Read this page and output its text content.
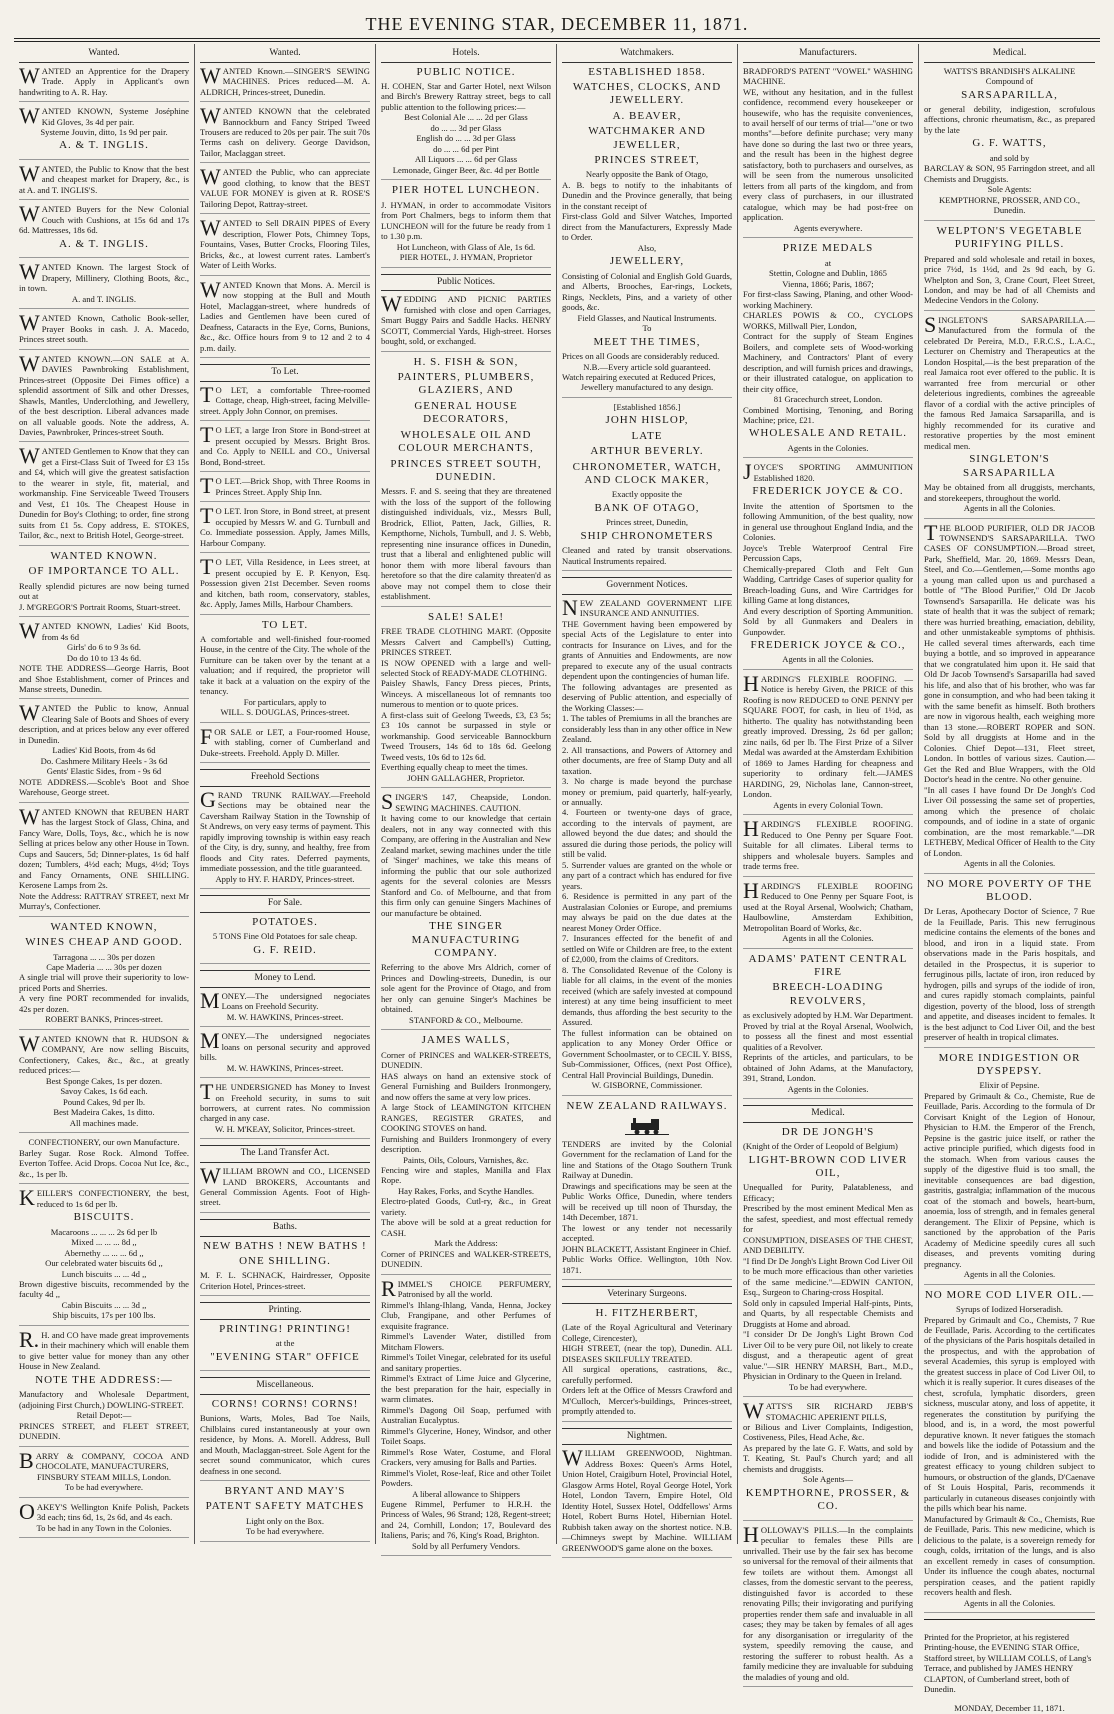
THE EVENING STAR, DECEMBER 11, 1871.
Wanted.

WANTED an Apprentice for the Drapery Trade. Apply in Applicant's own handwriting to A. R. Hay.

WANTED KNOWN, Systeme Joséphine Kid Gloves, 3s 4d per pair.

Systeme Jouvin, ditto, 1s 9d per pair.

A. & T. INGLIS.

WANTED, the Public to Know that the best and cheapest market for Drapery, &c., is at A. and T. INGLIS'S.

WANTED Buyers for the New Colonial Couch with Cushions, at 15s 6d and 17s 6d. Mattresses, 18s 6d.

A. & T. INGLIS.

WANTED Known. The largest Stock of Drapery, Millinery, Clothing Boots, &c., in town.

A. and T. INGLIS.

WANTED Known, Catholic Book-seller, Prayer Books in cash. J. A. Macedo, Princes street south.

WANTED KNOWN.—ON SALE at A. DAVIES Pawnbroking Establishment, Princes-street (Opposite Dei Fimes office) a splendid assortment of Silk and other Dresses, Shawls, Mantles, Underclothing, and Jewellery, of the best description. Liberal advances made on all valuable goods. Note the address, A. Davies, Pawnbroker, Princes-street South.

WANTED Gentlemen to Know that they can get a First-Class Suit of Tweed for £3 15s and £4, which will give the greatest satisfaction to the wearer in style, fit, material, and workmanship. Fine Serviceable Tweed Trousers and Vest, £1 10s. The Cheapest House in Dunedin for Boy's Clothing; to order, fine strong suits from £1 5s. Copy address, E. STOKES, Tailor, &c., next to British Hotel, George-street.

WANTED KNOWN.

OF IMPORTANCE TO ALL.

Really splendid pictures are now being turned out at

J. M'GREGOR'S Portrait Rooms, Stuart-street.

WANTED KNOWN, Ladies' Kid Boots, from 4s 6d

Girls' do 6 to 9 3s 6d.

Do do 10 to 13 4s 6d.

NOTE THE ADDRESS—George Harris, Boot and Shoe Establishment, corner of Princes and Manse streets, Dunedin.

WANTED the Public to know, Annual Clearing Sale of Boots and Shoes of every description, and at prices below any ever offered in Dunedin.

Ladies' Kid Boots, from 4s 6d

Do. Cashmere Military Heels - 3s 6d

Gents' Elastic Sides, from - 9s 6d

NOTE ADDRESS.—Scoble's Boot and Shoe Warehouse, George street.

WANTED KNOWN that REUBEN HART has the largest Stock of Glass, China, and Fancy Ware, Dolls, Toys, &c., which he is now Selling at prices below any other House in Town. Cups and Saucers, 5d; Dinner-plates, 1s 6d half dozen; Tumblers, 4½d each; Mugs, 4½d; Toys and Fancy Ornaments, ONE SHILLING. Kerosene Lamps from 2s.

Note the Address: RATTRAY STREET, next Mr Murray's, Confectioner.

WANTED KNOWN,

WINES CHEAP AND GOOD.

Tarragona ... ... 30s per dozen

Cape Maderia ... ... 30s per dozen

A single trial will prove their superiority to low-priced Ports and Sherries.

A very fine PORT recommended for invalids, 42s per dozen.

ROBERT BANKS, Princes-street.

WANTED KNOWN that R. HUDSON & COMPANY, Are now selling Biscuits, Confectionery, Cakes, &c., &c., at greatly reduced prices:—

Best Sponge Cakes, 1s per dozen.

Savoy Cakes, 1s 6d each.

Pound Cakes, 9d per lb.

Best Madeira Cakes, 1s ditto.

All machines made.

CONFECTIONERY, our own Manufacture.

Barley Sugar. Rose Rock. Almond Toffee. Everton Toffee. Acid Drops. Cocoa Nut Ice, &c., &c., 1s per lb.

KEILLER'S CONFECTIONERY, the best, reduced to 1s 6d per lb.

BISCUITS.

Macaroons ... ... ... 2s 6d per lb

Mixed ... ... ... 8d ,,

Abernethy ... ... ... 6d ,,

Our celebrated water biscuits 6d ,,

Lunch biscuits ... ... 4d ,,

Brown digestive biscuits, recommended by the faculty 4d ,,

Cabin Biscuits ... ... 3d ,,

Ship biscuits, 17s per 100 lbs.

R.H. and CO have made great improvements in their machinery which will enable them to give better value for money than any other House in New Zealand.

NOTE THE ADDRESS:—

Manufactory and Wholesale Department, (adjoining First Church,) DOWLING-STREET.

Retail Depot:—

PRINCES STREET, and FLEET STREET, DUNEDIN.

BARRY & COMPANY, COCOA AND CHOCOLATE, MANUFACTURERS,

FINSBURY STEAM MILLS, London.

To be had everywhere.

OAKEY'S Wellington Knife Polish, Packets 3d each; tins 6d, 1s, 2s 6d, and 4s each.

To be had in any Town in the Colonies.

Wanted.

WANTED Known.—SINGER'S SEWING MACHINES. Prices reduced—M. A. ALDRICH, Princes-street, Dunedin.

WANTED KNOWN that the celebrated Bannockburn and Fancy Striped Tweed Trousers are reduced to 20s per pair. The suit 70s Terms cash on delivery. George Davidson, Tailor, Maclaggan street.

WANTED the Public, who can appreciate good clothing, to know that the BEST VALUE FOR MONEY is given at R. ROSE'S Tailoring Depot, Rattray-street.

WANTED to Sell DRAIN PIPES of Every description, Flower Pots, Chimney Tops, Fountains, Vases, Butter Crocks, Flooring Tiles, Bricks, &c., at lowest current rates. Lambert's Water of Leith Works.

WANTED Known that Mons. A. Mercil is now stopping at the Bull and Mouth Hotel, Maclaggan-street, where hundreds of Ladies and Gentlemen have been cured of Deafness, Cataracts in the Eye, Corns, Bunions, &c., &c. Office hours from 9 to 12 and 2 to 4 p.m. daily.

To Let.

TO LET, a comfortable Three-roomed Cottage, cheap, High-street, facing Melville-street. Apply John Connor, on premises.

TO LET, a large Iron Store in Bond-street at present occupied by Messrs. Bright Bros. and Co. Apply to NEILL and CO., Universal Bond, Bond-street.

TO LET.—Brick Shop, with Three Rooms in Princes Street. Apply Ship Inn.

TO LET. Iron Store, in Bond street, at present occupied by Messrs W. and G. Turnbull and Co. Immediate possession. Apply, James Mills, Harbour Company.

TO LET, Villa Residence, in Lees street, at present occupied by E. P. Kenyon, Esq. Possession given 21st December. Seven rooms and kitchen, bath room, conservatory, stables, &c. Apply, James Mills, Harbour Chambers.

TO LET.

A comfortable and well-finished four-roomed House, in the centre of the City. The whole of the Furniture can be taken over by the tenant at a valuation; and if required, the proprietor will take it back at a valuation on the expiry of the tenancy.

For particulars, apply to

WILL. S. DOUGLAS, Princes-street.

FOR SALE or LET, a Four-roomed House, with stabling, corner of Cumberland and Duke-streets. Freehold. Apply D. Miller.

Freehold Sections

GRAND TRUNK RAILWAY.—Freehold Sections may be obtained near the Caversham Railway Station in the Township of St Andrews, on very easy terms of payment. This rapidly improving township is within easy reach of the City, is dry, sunny, and healthy, free from floods and City rates. Deferred payments, immediate possession, and the title guaranteed.

Apply to HY. F. HARDY, Princes-street.

For Sale.

POTATOES.

5 TONS Fine Old Potatoes for sale cheap.

G. F. REID.

Money to Lend.

MONEY.—The undersigned negociates Loans on Freehold Security.

M. W. HAWKINS, Princes-street.

MONEY.—The undersigned negociates loans on personal security and approved bills.

M. W. HAWKINS, Princes-street.

THE UNDERSIGNED has Money to Invest on Freehold security, in sums to suit borrowers, at current rates. No commission charged in any case.

W. H. M'KEAY, Solicitor, Princes-street.

The Land Transfer Act.

WILLIAM BROWN and CO., LICENSED LAND BROKERS, Accountants and General Commission Agents. Foot of High-street.

Baths.

NEW BATHS ! NEW BATHS !

ONE SHILLING.

M. F. L. SCHNACK, Hairdresser, Opposite Criterion Hotel, Princes-street.

Printing.

PRINTING! PRINTING!

at the

"EVENING STAR" OFFICE

Miscellaneous.

CORNS! CORNS! CORNS!

Bunions, Warts, Moles, Bad Toe Nails, Chilblains cured instantaneously at your own residence, by Mons. A. Morell. Address, Bull and Mouth, Maclaggan-street. Sole Agent for the secret sound communicator, which cures deafness in one second.

BRYANT AND MAY'S

PATENT SAFETY MATCHES

Light only on the Box.

To be had everywhere.

Hotels.

PUBLIC NOTICE.

H. COHEN, Star and Garter Hotel, next Wilson and Birch's Brewery Rattray street, begs to call public attention to the following prices:—

Best Colonial Ale ... ... 2d per Glass

do ... ... 3d per Glass

English do ... ... 3d per Glass

do ... ... 6d per Pint

All Liquors ... ... 6d per Glass

Lemonade, Ginger Beer, &c. 4d per Bottle

PIER HOTEL LUNCHEON.

J. HYMAN, in order to accommodate Visitors from Port Chalmers, begs to inform them that LUNCHEON will for the future be ready from 1 to 1.30 p.m.

Hot Luncheon, with Glass of Ale, 1s 6d.

PIER HOTEL, J. HYMAN, Proprietor

Public Notices.

WEDDING AND PICNIC PARTIES furnished with close and open Carriages, Smart Buggy Pairs and Saddle Hacks. HENRY SCOTT, Commercial Yards, High-street. Horses bought, sold, or exchanged.

H. S. FISH & SON,

PAINTERS, PLUMBERS, GLAZIERS, AND

GENERAL HOUSE DECORATORS,

WHOLESALE OIL AND COLOUR MERCHANTS,

PRINCES STREET SOUTH, DUNEDIN.

Messrs. F. and S. seeing that they are threatened with the loss of the support of the following distinguished individuals, viz., Messrs Bull, Brodrick, Elliot, Patten, Jack, Gillies, R. Kempthorne, Nichols, Turnbull, and J. S. Webb, representing nine insurance offices in Dunedin, trust that a liberal and enlightened public will honor them with more liberal favours than heretofore so that the dire calamity threaten'd as above may not compel them to close their establishment.

SALE! SALE!

FREE TRADE CLOTHING MART. (Opposite Messrs Calvert and Campbell's) Cutting, PRINCES STREET.

IS NOW OPENED with a large and well-selected Stock of READY-MADE CLOTHING.

Paisley Shawls, Fancy Dress pieces, Prints, Winceys. A miscellaneous lot of remnants too numerous to mention or to quote prices.

A first-class suit of Geelong Tweeds, £3, £3 5s; £3 10s cannot be surpassed in style or workmanship. Good serviceable Bannockburn Tweed Trousers, 14s 6d to 18s 6d. Geelong Tweed vests, 10s 6d to 12s 6d.

Everthing equally cheap to meet the times.

JOHN GALLAGHER, Proprietor.

SINGER'S 147, Cheapside, London. SEWING MACHINES. CAUTION.

It having come to our knowledge that certain dealers, not in any way connected with this Company, are offering in the Australian and New Zealand market, sewing machines under the title of 'Singer' machines, we take this means of informing the public that our sole authorized agents for the several colonies are Messrs Stanford and Co. of Melbourne, and that from this firm only can genuine Singers Machines of our manufacture be obtained.

THE SINGER MANUFACTURING COMPANY.

Referring to the above Mrs Aldrich, corner of Princes and Dowling-streets, Dunedin, is our sole agent for the Province of Otago, and from her only can genuine Singer's Machines be obtained.

STANFORD & CO., Melbourne.

JAMES WALLS,

Corner of PRINCES and WALKER-STREETS, DUNEDIN.

HAS always on hand an extensive stock of General Furnishing and Builders Ironmongery, and now offers the same at very low prices.

A large Stock of LEAMINGTON KITCHEN RANGES, REGISTER GRATES, and COOKING STOVES on hand.

Furnishing and Builders Ironmongery of every description.

Paints, Oils, Colours, Varnishes, &c.

Fencing wire and staples, Manilla and Flax Rope.

Hay Rakes, Forks, and Scythe Handles.

Electro-plated Goods, Cutl-ry, &c., in Great variety.

The above will be sold at a great reduction for CASH.

Mark the Address:

Corner of PRINCES and WALKER-STREETS, DUNEDIN.

RIMMEL'S CHOICE PERFUMERY, Patronised by all the world.

Rimmel's Ihlang-Ihlang, Vanda, Henna, Jockey Club, Frangipane, and other Perfumes of exquisite fragrance.

Rimmel's Lavender Water, distilled from Mitcham Flowers.

Rimmel's Toilet Vinegar, celebrated for its useful and sanitary properties.

Rimmel's Extract of Lime Juice and Glycerine, the best preparation for the hair, especially in warm climates.

Rimmel's Dagong Oil Soap, perfumed with Australian Eucalyptus.

Rimmel's Glycerine, Honey, Windsor, and other Toilet Soaps.

Rimmel's Rose Water, Costume, and Floral Crackers, very amusing for Balls and Parties.

Rimmel's Violet, Rose-leaf, Rice and other Toilet Powders.

A liberal allowance to Shippers

Eugene Rimmel, Perfumer to H.R.H. the Princess of Wales, 96 Strand; 128, Regent-street; and 24, Cornhill, London; 17, Boulevard des Italiens, Paris; and 76, King's Road, Brighton.

Sold by all Perfumery Vendors.

Watchmakers.

ESTABLISHED 1858.

WATCHES, CLOCKS, AND JEWELLERY.

A. BEAVER,

WATCHMAKER AND JEWELLER,

PRINCES STREET,

Nearly opposite the Bank of Otago,

A. B. begs to notify to the inhabitants of Dunedin and the Province generally, that being in the constant receipt of

First-class Gold and Silver Watches, Imported direct from the Manufacturers, Expressly Made to Order.

Also,

JEWELLERY,

Consisting of Colonial and English Gold Guards, and Alberts, Brooches, Ear-rings, Lockets, Rings, Necklets, Pins, and a variety of other goods, &c.

Field Glasses, and Nautical Instruments.

To

MEET THE TIMES,

Prices on all Goods are considerably reduced.

N.B.—Every article sold guaranteed.

Watch repairing executed at Reduced Prices,

Jewellery manufactured to any design.

[Established 1856.]

JOHN HISLOP,

LATE

ARTHUR BEVERLY.

CHRONOMETER, WATCH, AND CLOCK MAKER,

Exactly opposite the

BANK OF OTAGO,

Princes street, Dunedin,

SHIP CHRONOMETERS

Cleaned and rated by transit observations. Nautical Instruments repaired.

Government Notices.

NEW ZEALAND GOVERNMENT LIFE INSURANCE AND ANNUITIES.

THE Government having been empowered by special Acts of the Legislature to enter into contracts for Insurance on Lives, and for the grants of Annuities and Endowments, are now prepared to execute any of the usual contracts dependent upon the contingencies of human life.

The following advantages are presented as deserving of Public attention, and especially of the Working Classes:—

1. The tables of Premiums in all the branches are considerably less than in any other office in New Zealand.

2. All transactions, and Powers of Attorney and other documents, are free of Stamp Duty and all taxation.

3. No charge is made beyond the purchase money or premium, paid quarterly, half-yearly, or annually.

4. Fourteen or twenty-one days of grace, according to the intervals of payment, are allowed beyond the due dates; and should the assured die during those periods, the policy will still be valid.

5. Surrender values are granted on the whole or any part of a contract which has endured for five years.

6. Residence is permitted in any part of the Australasian Colonies or Europe, and premiums may always be paid on the due dates at the nearest Money Order Office.

7. Insurances effected for the benefit of and settled on Wife or Children are free, to the extent of £2,000, from the claims of Creditors.

8. The Consolidated Revenue of the Colony is liable for all claims, in the event of the monies received (which are safely invested at compound interest) at any time being insufficient to meet demands, thus affording the best security to the Assured.

The fullest information can be obtained on application to any Money Order Office or Government Schoolmaster, or to CECIL Y. BISS, Sub-Commissioner, Offices, (next Post Office), Central Hall Provincial Buildings, Dunedin.

W. GISBORNE, Commissioner.

NEW ZEALAND RAILWAYS.

TENDERS are invited by the Colonial Government for the reclamation of Land for the line and Stations of the Otago Southern Trunk Railway at Dunedin.

Drawings and specifications may be seen at the Public Works Office, Dunedin, where tenders will be received up till noon of Thursday, the 14th December, 1871.

The lowest or any tender not necessarily accepted.

JOHN BLACKETT, Assistant Engineer in Chief.

Public Works Office. Wellington, 10th Nov. 1871.

Veterinary Surgeons.

H. FITZHERBERT,

(Late of the Royal Agricultural and Veterinary College, Cirencester),

HIGH STREET, (near the top), Dunedin. ALL DISEASES SKILFULLY TREATED.

All surgical operations, castrations, &c., carefully performed.

Orders left at the Office of Messrs Crawford and M'Culloch, Mercer's-buildings, Princes-street, promptly attended to.

Nightmen.

WILLIAM GREENWOOD, Nightman. Address Boxes: Queen's Arms Hotel, Union Hotel, Craigiburn Hotel, Provincial Hotel, Glasgow Arms Hotel, Royal George Hotel, York Hotel, London Tavern, Empire Hotel, Old Identity Hotel, Sussex Hotel, Oddfellows' Arms Hotel, Robert Burns Hotel, Hibernian Hotel. Rubbish taken away on the shortest notice. N.B.—Chimneys swept by Machine. WILLIAM GREENWOOD'S game alone on the boxes.

Manufacturers.

BRADFORD'S PATENT "VOWEL" WASHING MACHINE.

WE, without any hesitation, and in the fullest confidence, recommend every housekeeper or housewife, who has the requisite conveniences, to avail herself of our terms of trial—"one or two months"—before definite purchase; very many have done so during the last two or three years, and the result has been in the highest degree satisfactory, both to purchasers and ourselves, as will be seen from the numerous unsolicited letters from all parts of the kingdom, and from every class of purchasers, in our illustrated catalogue, which may be had post-free on application.

Agents everywhere.

PRIZE MEDALS

at

Stettin, Cologne and Dublin, 1865

Vienna, 1866; Paris, 1867;

For first-class Sawing, Planing, and other Wood-working Machinery.

CHARLES POWIS & CO., CYCLOPS WORKS, Millwall Pier, London,

Contract for the supply of Steam Engines Boilers, and complete sets of Wood-working Machinery, and Contractors' Plant of every description, and will furnish prices and drawings, or their illustrated catalogue, on application to their city office,

81 Gracechurch street, London.

Combined Mortising, Tenoning, and Boring Machine; price, £21.

WHOLESALE AND RETAIL.

Agents in the Colonies.

JOYCE'S SPORTING AMMUNITION Established 1820.

FREDERICK JOYCE & CO.

Invite the attention of Sportsmen to the following Ammunition, of the best quality, now in general use throughout England India, and the Colonies.

Joyce's Treble Waterproof Central Fire Percussion Caps,

Chemically-prepared Cloth and Felt Gun Wadding, Cartridge Cases of superior quality for Breach-loading Guns, and Wire Cartridges for killing Game at long distances,

And every description of Sporting Ammunition. Sold by all Gunmakers and Dealers in Gunpowder.

FREDERICK JOYCE & CO.,

Agents in all the Colonies.

HARDING'S FLEXIBLE ROOFING. —Notice is hereby Given, the PRICE of this Roofing is now REDUCED to ONE PENNY per SQUARE FOOT, for cash, in lieu of 1½d, as hitherto. The quality has notwithstanding been greatly improved. Dressing, 2s 6d per gallon; zinc nails, 6d per lb. The First Prize of a Silver Medal was awarded at the Amsterdam Exhibition of 1869 to James Harding for cheapness and superiority to ordinary felt.—JAMES HARDING, 29, Nicholas lane, Cannon-street, London.

Agents in every Colonial Town.

HARDING'S FLEXIBLE ROOFING. Reduced to One Penny per Square Foot. Suitable for all climates. Liberal terms to shippers and wholesale buyers. Samples and trade terms free.

HARDING'S FLEXIBLE ROOFING Reduced to One Penny per Square Foot, is used at the Royal Arsenal, Woolwich; Chatham, Haulbowline, Amsterdam Exhibition, Metropolitan Board of Works, &c.

Agents in all the Colonies.

ADAMS' PATENT CENTRAL FIRE

BREECH-LOADING REVOLVERS,

as exclusively adopted by H.M. War Department. Proved by trial at the Royal Arsenal, Woolwich, to possess all the finest and most essential qualities of a Revolver.

Reprints of the articles, and particulars, to be obtained of John Adams, at the Manufactory, 391, Strand, London.

Agents in the Colonies.

Medical.

DR DE JONGH'S

(Knight of the Order of Leopold of Belgium)

LIGHT-BROWN COD LIVER OIL,

Unequalled for Purity, Palatableness, and Efficacy;

Prescribed by the most eminent Medical Men as the safest, speediest, and most effectual remedy for

CONSUMPTION, DISEASES OF THE CHEST, AND DEBILITY.

"I find Dr De Jongh's Light Brown Cod Liver Oil to be much more efficacious than other varieties of the same medicine."—EDWIN CANTON, Esq., Surgeon to Charing-cross Hospital.

Sold only in capsuled Imperial Half-pints, Pints, and Quarts, by all respectable Chemists and Druggists at Home and abroad.

"I consider Dr De Jongh's Light Brown Cod Liver Oil to be very pure Oil, not likely to create disgust, and a therapeutic agent of great value."—SIR HENRY MARSH, Bart., M.D., Physician in Ordinary to the Queen in Ireland.

To be had everywhere.

WATTS'S SIR RICHARD JEBB'S STOMACHIC APERIENT PILLS,

or Bilious and Liver Complaints, Indigestion, Costiveness, Piles, Head Ache, &c.

As prepared by the late G. F. Watts, and sold by T. Keating, St. Paul's Church yard; and all chemists and druggists.

Sole Agents—

KEMPTHORNE, PROSSER, & CO.

HOLLOWAY'S PILLS.—In the complaints peculiar to females these Pills are unrivalled. Their use by the fair sex has become so universal for the removal of their ailments that few toilets are without them. Amongst all classes, from the domestic servant to the peeress, distinguished favor is accorded to these renovating Pills; their invigorating and purifying properties render them safe and invaluable in all cases; they may be taken by females of all ages for any disorganisation or irregularity of the system, speedily removing the cause, and restoring the sufferer to robust health. As a family medicine they are invaluable for subduing the maladies of young and old.

Medical.

WATTS'S BRANDISH'S ALKALINE Compound of

SARSAPARILLA,

or general debility, indigestion, scrofulous affections, chronic rheumatism, &c., as prepared by the late

G. F. WATTS,

and sold by

BARCLAY & SON, 95 Farringdon street, and all Chemists and Druggists.

Sole Agents:

KEMPTHORNE, PROSSER, AND CO., Dunedin.

WELPTON'S VEGETABLE PURIFYING PILLS.

Prepared and sold wholesale and retail in boxes, price 7½d, 1s 1½d, and 2s 9d each, by G. Whelpton and Son, 3, Crane Court, Fleet Street, London, and may be had of all Chemists and Medecine Vendors in the Colony.

SINGLETON'S SARSAPARILLA.—Manufactured from the formula of the celebrated Dr Pereira, M.D., F.R.C.S., L.A.C., Lecturer on Chemistry and Therapeutics at the London Hospital,—is the best preparation of the real Jamaica root ever offered to the public. It is warranted free from mercurial or other deleterious ingredients, combines the agreeable flavor of a cordial with the active principles of the famous Red Jamaica Sarsaparilla, and is highly recommended for its curative and restorative properties by the most eminent medical men.

SINGLETON'S SARSAPARILLA

May be obtained from all druggists, merchants, and storekeepers, throughout the world.

Agents in all the Colonies.

THE BLOOD PURIFIER, OLD DR JACOB TOWNSEND'S SARSAPARILLA. TWO CASES OF CONSUMPTION.—Broad street, Park, Sheffield, Mar. 20, 1869. Messrs Dean, Steel, and Co.—Gentlemen,—Some months ago a young man called upon us and purchased a bottle of "The Blood Purifier," Old Dr Jacob Townsend's Sarsaparilla. He delicate was his state of health that it was the subject of remark; there was hurried breathing, emaciation, debility, and other unmistakeable symptoms of phthisis. He called several times afterwards, each time buying a bottle, and so improved in appearance that we congratulated him upon it. He said that Old Dr Jacob Townsend's Sarsaparilla had saved his life, and also that of his brother, who was far gone in consumption, and who had been taking it with the same benefit as himself. Both brothers are now in vigorous health, each weighing more than 13 stone.—ROBERT ROPER and SON. Sold by all druggists at Home and in the Colonies. Chief Depot—131, Fleet street, London. In bottles of various sizes. Caution.—Get the Red and Blue Wrappers, with the Old Doctor's head in the centre. No other genuine.

"In all cases I have found Dr De Jongh's Cod Liver Oil possessing the same set of properties, among which the presence of cholaic compounds, and of iodine in a state of organic combination, are the most remarkable."—DR LETHEBY, Medical Officer of Health to the City of London.

Agents in all the Colonies.

NO MORE POVERTY OF THE BLOOD.

Dr Leras, Apothecary Doctor of Science, 7 Rue de la Feuillade, Paris. This new ferruginous medicine contains the elements of the bones and blood, and iron in a liquid state. From observations made in the Paris hospitals, and detailed in the Prospectus, it is superior to ferruginous pills, lactate of iron, iron reduced by hydrogen, pills and syrups of the iodide of iron, and cures rapidly stomach complaints, painful digestion, poverty of the blood, loss of strength and appetite, and diseases incident to females. It is the best adjunct to Cod Liver Oil, and the best preserver of health in tropical climates.

MORE INDIGESTION OR DYSPEPSY.

Elixir of Pepsine.

Prepared by Grimault & Co., Chemiste, Rue de Feuillade, Paris. According to the formula of Dr Corvisart Knight of the Legion of Honour, Physician to H.M. the Emperor of the French, Pepsine is the gastric juice itself, or rather the active principle purified, which digests food in the stomach. When from various causes the supply of the digestive fluid is too small, the inevitable consequences are bad digestion, gastritis, gastralgia; inflammation of the mucous coat of the stomach and bowels, heart-burn, anoemia, loss of strength, and in females general derangement. The Elixir of Pepsine, which is sanctioned by the approbation of the Paris Academy of Medicine speedily cures all such diseases, and prevents vomiting during pregnancy.

Agents in all the Colonies.

NO MORE COD LIVER OIL.—

Syrups of Iodized Horseradish.

Prepared by Grimault and Co., Chemists, 7 Rue de Feuillade, Paris. According to the certificates of the physicians of the Paris hospitals detailed in the prospectus, and with the approbation of several Academies, this syrup is employed with the greatest success in place of Cod Liver Oil, to which it is really superior. It cures diseases of the chest, scrofula, lymphatic disorders, green sickness, muscular atony, and loss of appetite, it regenerates the constitution by purifying the blood, and is, in a word, the most powerful depurative known. It never fatigues the stomach and bowels like the iodide of Potassium and the iodide of Iron, and is administered with the greatest efficacy to young children subject to humours, or obstruction of the glands, D'Caenave of St Louis Hospital, Paris, recommends it particularly in cutaneous diseases conjointly with the pills which bear his name.

Manufactured by Grimault & Co., Chemists, Rue de Feuillade, Paris. This new medicine, which is delicious to the palate, is a sovereign remedy for cough, colds, irritation of the lungs, and is also an excellent remedy in cases of consumption. Under its influence the cough abates, nocturnal perspiration ceases, and the patient rapidly recovers health and flesh.

Agents in all the Colonies.

Printed for the Proprietor, at his registered Printing-house, the EVENING STAR Office, Stafford street, by WILLIAM COLLS, of Lang's Terrace, and published by JAMES HENRY CLAPTON, of Cumberland street, both of Dunedin.

MONDAY, December 11, 1871.
